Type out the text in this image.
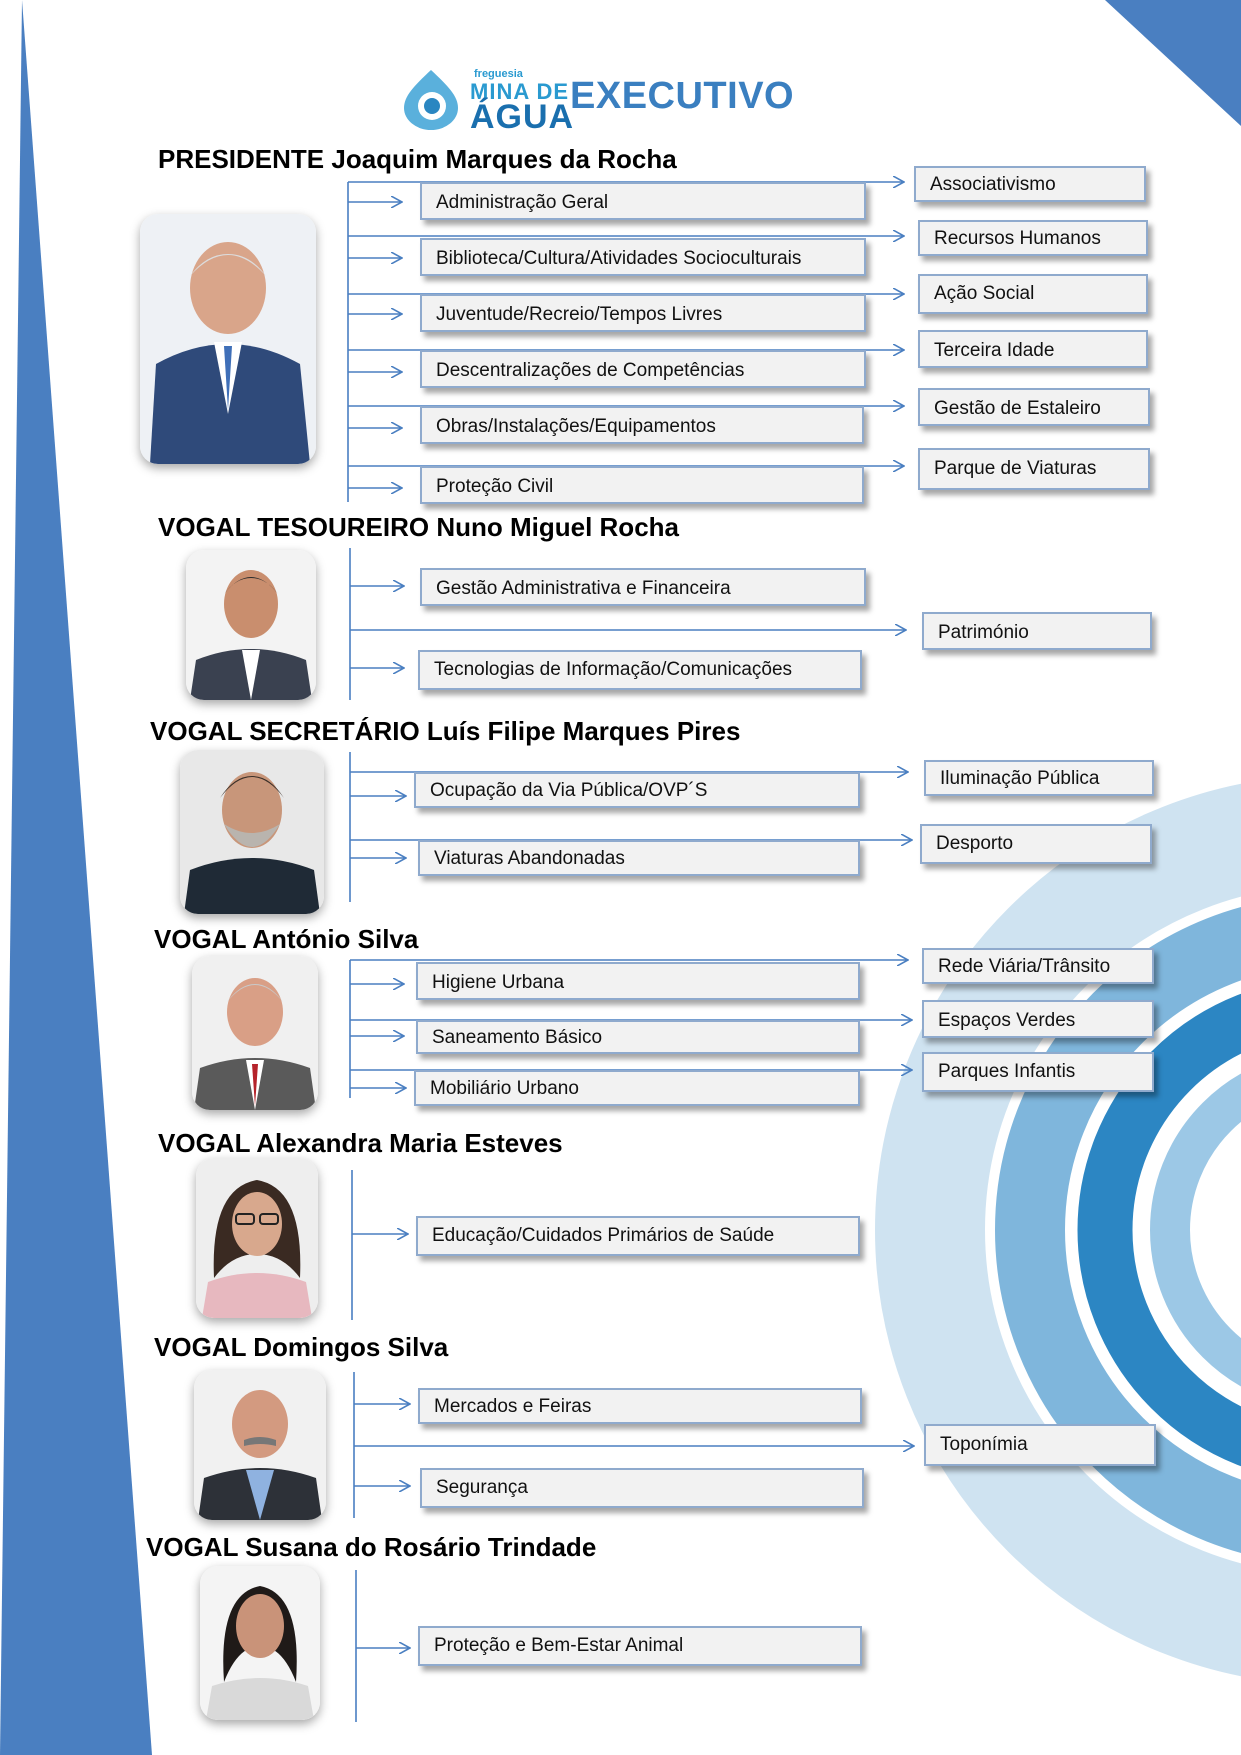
freguesia
MINA DE
ÁGUA
EXECUTIVO
PRESIDENTE Joaquim Marques da Rocha
VOGAL TESOUREIRO Nuno Miguel Rocha
VOGAL SECRETÁRIO Luís Filipe Marques Pires
VOGAL António Silva
VOGAL Alexandra Maria Esteves
VOGAL Domingos Silva
VOGAL Susana do Rosário Trindade
Administração Geral
Biblioteca/Cultura/Atividades Socioculturais
Juventude/Recreio/Tempos Livres
Descentralizações de Competências
Obras/Instalações/Equipamentos
Proteção Civil
Associativismo
Recursos Humanos
Ação Social
Terceira Idade
Gestão de Estaleiro
Parque de Viaturas
Gestão Administrativa e Financeira
Tecnologias de Informação/Comunicações
Património
Ocupação da Via Pública/OVP´S
Viaturas Abandonadas
Iluminação Pública
Desporto
Higiene Urbana
Saneamento Básico
Mobiliário Urbano
Rede Viária/Trânsito
Espaços Verdes
Parques Infantis
Educação/Cuidados Primários de Saúde
Mercados e Feiras
Segurança
Toponímia
Proteção e Bem-Estar Animal
